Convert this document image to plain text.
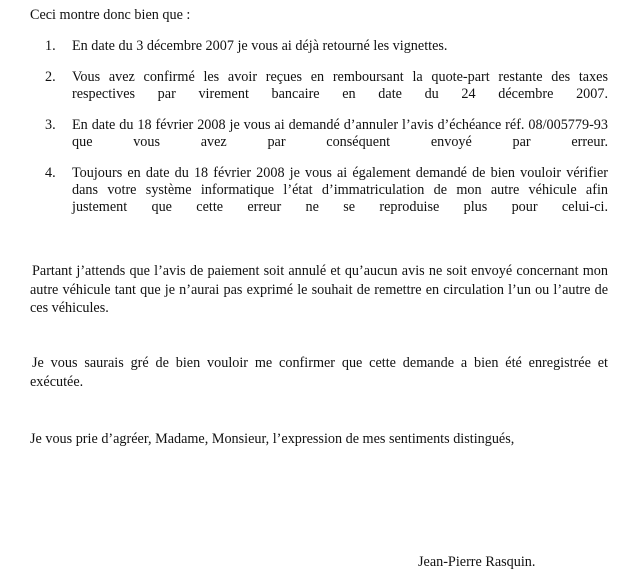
Ceci montre donc bien que :
1.	En date du 3 décembre 2007 je vous ai déjà retourné les vignettes.
2.	Vous avez confirmé les avoir reçues en remboursant la quote-part restante des taxes respectives par virement bancaire en date du 24 décembre 2007.
3.	En date du 18 février 2008 je vous ai demandé d’annuler l’avis d’échéance réf. 08/005779-93 que vous avez par conséquent envoyé par erreur.
4.	Toujours en date du 18 février 2008 je vous ai également demandé de bien vouloir vérifier dans votre système informatique l’état d’immatriculation de mon autre véhicule afin justement que cette erreur ne se reproduise plus pour celui-ci.
Partant j’attends que l’avis de paiement soit annulé et qu’aucun avis ne soit envoyé concernant mon autre véhicule tant que je n’aurai pas exprimé le souhait de remettre en circulation l’un ou l’autre de ces véhicules.
Je vous saurais gré de bien vouloir me confirmer que cette demande a bien été enregistrée et exécutée.
Je vous prie d’agréer, Madame, Monsieur, l’expression de mes sentiments distingués,
Jean-Pierre Rasquin.
